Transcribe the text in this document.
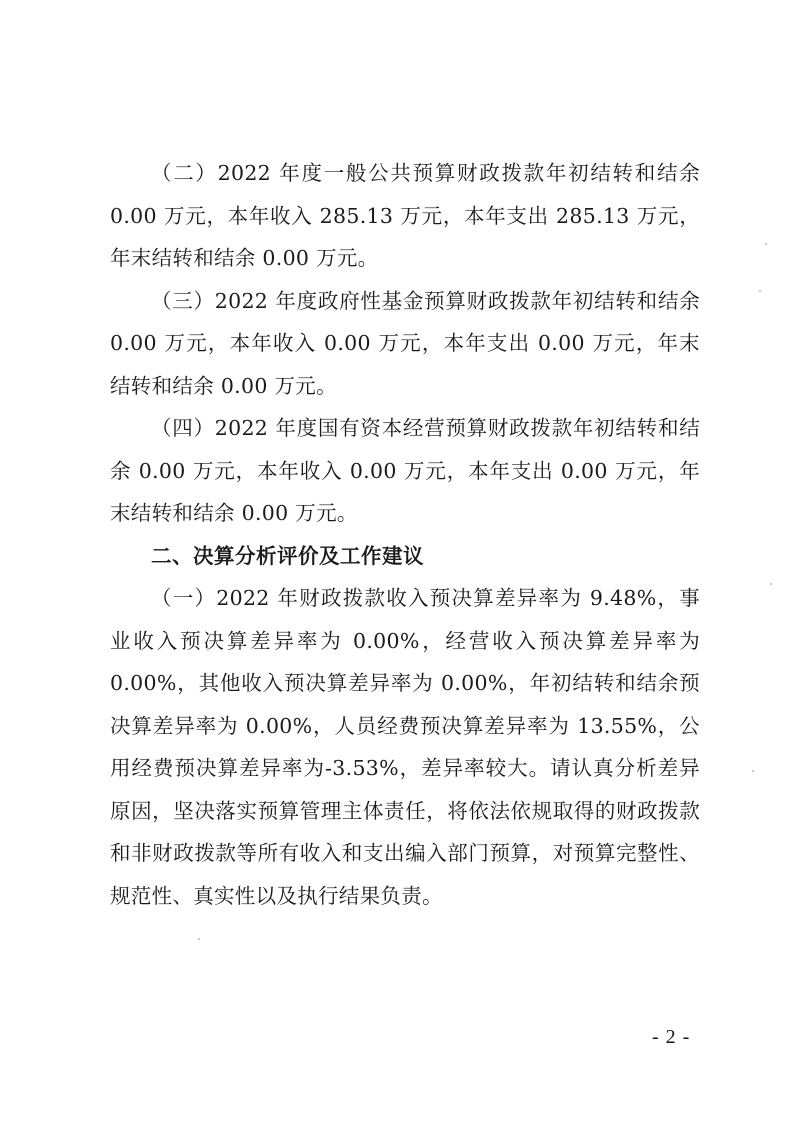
（二）2022 年度一般公共预算财政拨款年初结转和结余 0.00 万元，本年收入 285.13 万元，本年支出 285.13 万元，年末结转和结余 0.00 万元。

（三）2022 年度政府性基金预算财政拨款年初结转和结余 0.00 万元，本年收入 0.00 万元，本年支出 0.00 万元，年末结转和结余 0.00 万元。

（四）2022 年度国有资本经营预算财政拨款年初结转和结余 0.00 万元，本年收入 0.00 万元，本年支出 0.00 万元，年末结转和结余 0.00 万元。

二、决算分析评价及工作建议

（一）2022 年财政拨款收入预决算差异率为 9.48%，事业收入预决算差异率为 0.00%，经营收入预决算差异率为 0.00%，其他收入预决算差异率为 0.00%，年初结转和结余预决算差异率为 0.00%，人员经费预决算差异率为 13.55%，公用经费预决算差异率为-3.53%，差异率较大。请认真分析差异原因，坚决落实预算管理主体责任，将依法依规取得的财政拨款和非财政拨款等所有收入和支出编入部门预算，对预算完整性、规范性、真实性以及执行结果负责。

- 2 -
